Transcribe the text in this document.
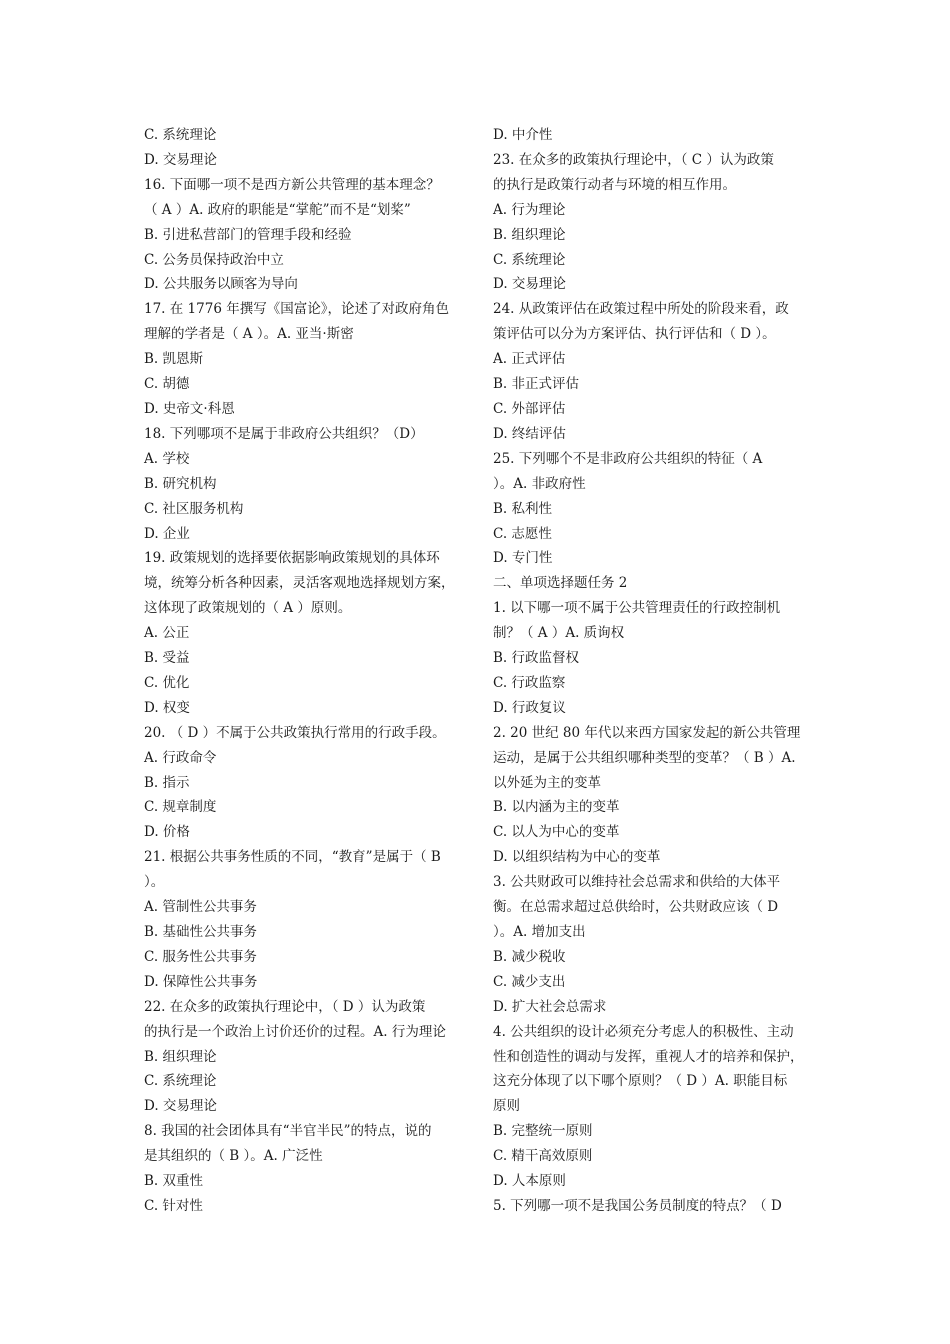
C. 系统理论

D. 交易理论

16. 下面哪一项不是西方新公共管理的基本理念？

（ A ）A. 政府的职能是“掌舵”而不是“划桨”

B. 引进私营部门的管理手段和经验

C. 公务员保持政治中立

D. 公共服务以顾客为导向

17. 在 1776 年撰写《国富论》，论述了对政府角色

理解的学者是（ A ）。A. 亚当·斯密

B. 凯恩斯

C. 胡德

D. 史帝文·科恩

18. 下列哪项不是属于非政府公共组织？（D）

A. 学校

B. 研究机构

C. 社区服务机构

D. 企业

19. 政策规划的选择要依据影响政策规划的具体环

境，统筹分析各种因素，灵活客观地选择规划方案，

这体现了政策规划的（ A ）原则。

A. 公正

B. 受益

C. 优化

D. 权变

20. （ D ）不属于公共政策执行常用的行政手段。

A. 行政命令

B. 指示

C. 规章制度

D. 价格

21. 根据公共事务性质的不同，“教育”是属于（ B

）。

A. 管制性公共事务

B. 基础性公共事务

C. 服务性公共事务

D. 保障性公共事务

22. 在众多的政策执行理论中，（ D ）认为政策

的执行是一个政治上讨价还价的过程。A. 行为理论

B. 组织理论

C. 系统理论

D. 交易理论

8. 我国的社会团体具有“半官半民”的特点，说的

是其组织的（ B ）。A. 广泛性

B. 双重性

C. 针对性

D. 中介性

23. 在众多的政策执行理论中，（ C ）认为政策

的执行是政策行动者与环境的相互作用。

A. 行为理论

B. 组织理论

C. 系统理论

D. 交易理论

24. 从政策评估在政策过程中所处的阶段来看，政

策评估可以分为方案评估、执行评估和（ D ）。

A. 正式评估

B. 非正式评估

C. 外部评估

D. 终结评估

25. 下列哪个不是非政府公共组织的特征（ A

）。A. 非政府性

B. 私利性

C. 志愿性

D. 专门性

二、单项选择题任务 2

1. 以下哪一项不属于公共管理责任的行政控制机

制？（ A ）A. 质询权

B. 行政监督权

C. 行政监察

D. 行政复议

2. 20 世纪 80 年代以来西方国家发起的新公共管理

运动，是属于公共组织哪种类型的变革？（ B ）A.

以外延为主的变革

B. 以内涵为主的变革

C. 以人为中心的变革

D. 以组织结构为中心的变革

3. 公共财政可以维持社会总需求和供给的大体平

衡。在总需求超过总供给时，公共财政应该（ D

）。A. 增加支出

B. 减少税收

C. 减少支出

D. 扩大社会总需求

4. 公共组织的设计必须充分考虑人的积极性、主动

性和创造性的调动与发挥，重视人才的培养和保护，

这充分体现了以下哪个原则？（ D ）A. 职能目标

原则

B. 完整统一原则

C. 精干高效原则

D. 人本原则

5. 下列哪一项不是我国公务员制度的特点？（ D
